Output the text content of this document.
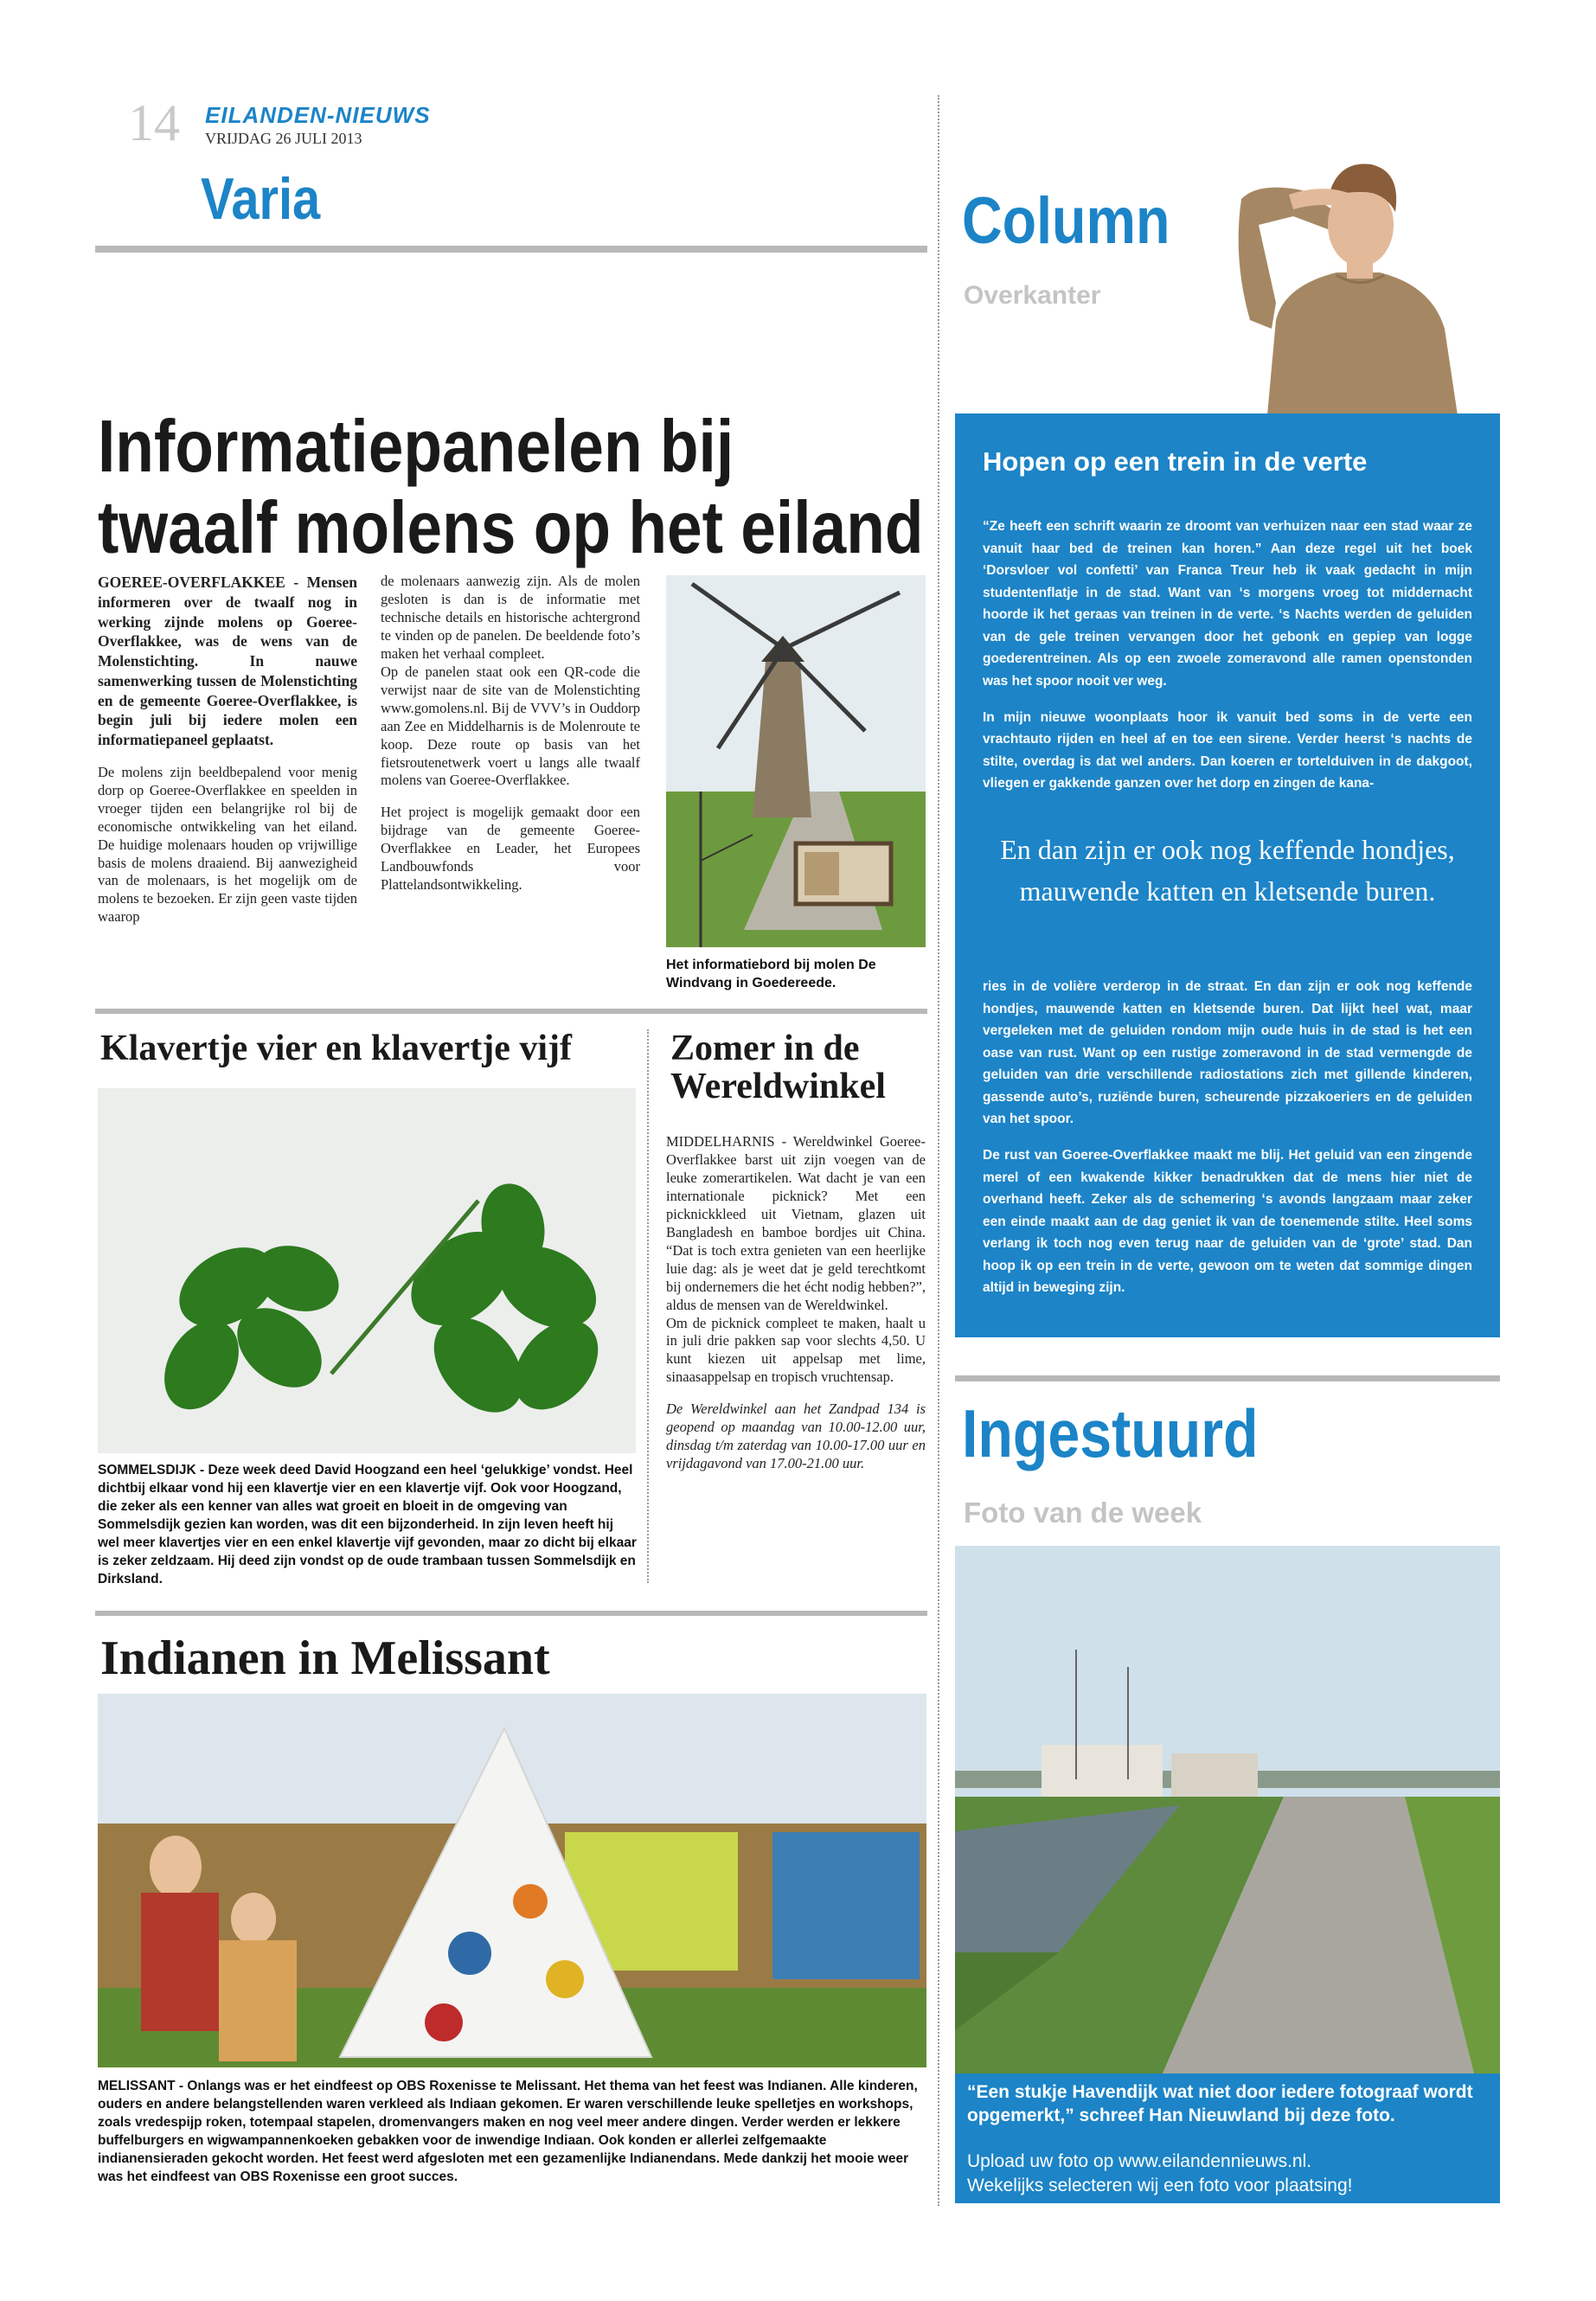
14 EILANDEN-NIEUWS
VRIJDAG 26 JULI 2013
Varia	Column
Overkanter
Informatiepanelen bij twaalf molens op het eiland

GOEREE-OVERFLAKKEE - Mensen informeren over de twaalf nog in werking zijnde molens op Goeree-Overflakkee, was de wens van de Molenstichting. In nauwe samenwerking tussen de Molenstichting en de gemeente Goeree-Overflakkee, is begin juli bij iedere molen een informatiepaneel geplaatst.

De molens zijn beeldbepalend voor menig dorp op Goeree-Overflakkee en speelden in vroeger tijden een belangrijke rol bij de economische ontwikkeling van het eiland. De huidige molenaars houden op vrijwillige basis de molens draaiend. Bij aanwezigheid van de molenaars, is het mogelijk om de molens te bezoeken. Er zijn geen vaste tijden waarop

de molenaars aanwezig zijn. Als de molen gesloten is dan is de informatie met technische details en historische achtergrond te vinden op de panelen. De beeldende foto’s maken het verhaal compleet.

Op de panelen staat ook een QR-code die verwijst naar de site van de Molenstichting www.gomolens.nl. Bij de VVV’s in Ouddorp aan Zee en Middelharnis is de Molenroute te koop. Deze route op basis van het fietsroutenetwerk voert u langs alle twaalf molens van Goeree-Overflakkee.

Het project is mogelijk gemaakt door een bijdrage van de gemeente Goeree-Overflakkee en Leader, het Europees Landbouwfonds voor Plattelandsontwikkeling.

Het informatiebord bij molen De Windvang in Goedereede.
Klavertje vier en klavertje vijf
SOMMELSDIJK - Deze week deed David Hoogzand een heel ‘gelukkige’ vondst. Heel dichtbij elkaar vond hij een klavertje vier en een klavertje vijf. Ook voor Hoogzand, die zeker als een kenner van alles wat groeit en bloeit in de omgeving van Sommelsdijk gezien kan worden, was dit een bijzonderheid. In zijn leven heeft hij wel meer klavertjes vier en een enkel klavertje vijf gevonden, maar zo dicht bij elkaar is zeker zeldzaam. Hij deed zijn vondst op de oude trambaan tussen Sommelsdijk en Dirksland.
Zomer in de Wereldwinkel

MIDDELHARNIS - Wereldwinkel Goeree-Overflakkee barst uit zijn voegen van de leuke zomerartikelen. Wat dacht je van een internationale picknick? Met een picknickkleed uit Vietnam, glazen uit Bangladesh en bamboe bordjes uit China. “Dat is toch extra genieten van een heerlijke luie dag: als je weet dat je geld terechtkomt bij ondernemers die het écht nodig hebben?”, aldus de mensen van de Wereldwinkel.

Om de picknick compleet te maken, haalt u in juli drie pakken sap voor slechts 4,50. U kunt kiezen uit appelsap met lime, sinaasappelsap en tropisch vruchtensap.

De Wereldwinkel aan het Zandpad 134 is geopend op maandag van 10.00-12.00 uur, dinsdag t/m zaterdag van 10.00-17.00 uur en vrijdagavond van 17.00-21.00 uur.

Indianen in Melissant
MELISSANT - Onlangs was er het eindfeest op OBS Roxenisse te Melissant. Het thema van het feest was Indianen. Alle kinderen, ouders en andere belangstellenden waren verkleed als Indiaan gekomen. Er waren verschillende leuke spelletjes en workshops, zoals vredespijp roken, totempaal stapelen, dromenvangers maken en nog veel meer andere dingen. Verder werden er lekkere buffelburgers en wigwampannenkoeken gebakken voor de inwendige Indiaan. Ook konden er allerlei zelfgemaakte indianensieraden gekocht worden. Het feest werd afgesloten met een gezamenlijke Indianendans. Mede dankzij het mooie weer was het eindfeest van OBS Roxenisse een groot succes.
Hopen op een trein in de verte

“Ze heeft een schrift waarin ze droomt van verhuizen naar een stad waar ze vanuit haar bed de treinen kan horen.” Aan deze regel uit het boek ‘Dorsvloer vol confetti’ van Franca Treur heb ik vaak gedacht in mijn studentenflatje in de stad. Want van ‘s morgens vroeg tot middernacht hoorde ik het geraas van treinen in de verte. ‘s Nachts werden de geluiden van de gele treinen vervangen door het gebonk en gepiep van logge goederentreinen. Als op een zwoele zomeravond alle ramen openstonden was het spoor nooit ver weg.

In mijn nieuwe woonplaats hoor ik vanuit bed soms in de verte een vrachtauto rijden en heel af en toe een sirene. Verder heerst ‘s nachts de stilte, overdag is dat wel anders. Dan koeren er tortelduiven in de dakgoot, vliegen er gakkende ganzen over het dorp en zingen de kana-

En dan zijn er ook nog keffende hondjes, mauwende katten en kletsende buren.

ries in de volière verderop in de straat. En dan zijn er ook nog keffende hondjes, mauwende katten en kletsende buren. Dat lijkt heel wat, maar vergeleken met de geluiden rondom mijn oude huis in de stad is het een oase van rust. Want op een rustige zomeravond in de stad vermengde de geluiden van drie verschillende radiostations zich met gillende kinderen, gassende auto’s, ruziënde buren, scheurende pizzakoeriers en de geluiden van het spoor.

De rust van Goeree-Overflakkee maakt me blij. Het geluid van een zingende merel of een kwakende kikker benadrukken dat de mens hier niet de overhand heeft. Zeker als de schemering ‘s avonds langzaam maar zeker een einde maakt aan de dag geniet ik van de toenemende stilte. Heel soms verlang ik toch nog even terug naar de geluiden van de ‘grote’ stad. Dan hoop ik op een trein in de verte, gewoon om te weten dat sommige dingen altijd in beweging zijn.

Ingestuurd
Foto van de week
“Een stukje Havendijk wat niet door iedere fotograaf wordt opgemerkt,” schreef Han Nieuwland bij deze foto.
Upload uw foto op www.eilandennieuws.nl.
Wekelijks selecteren wij een foto voor plaatsing!
